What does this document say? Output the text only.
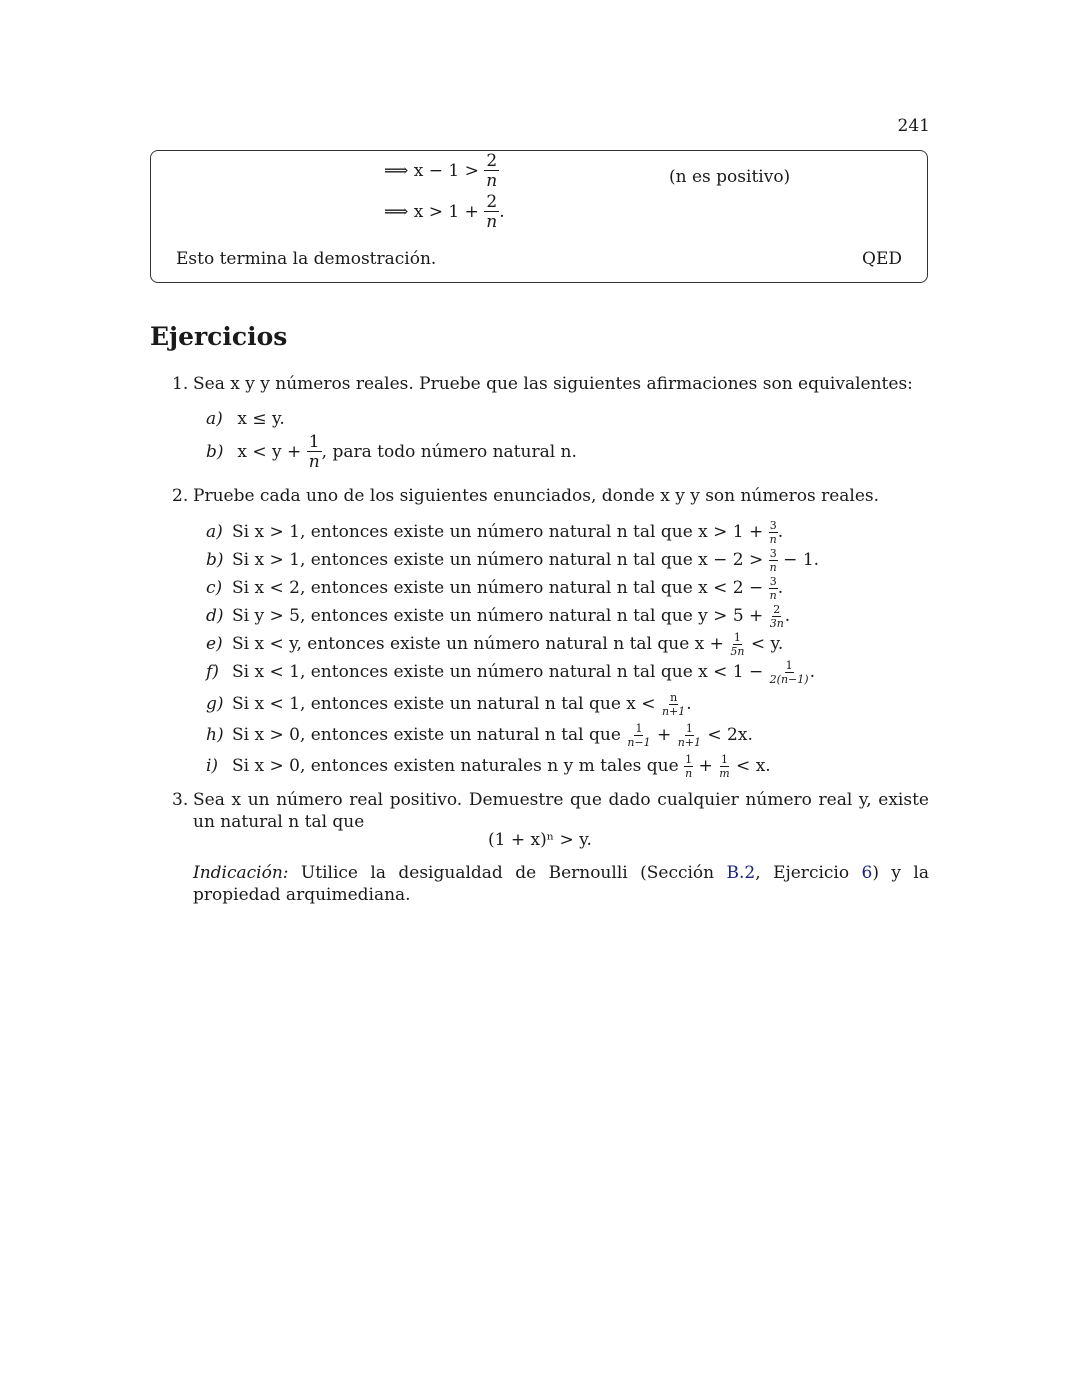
241
⟹ $x - 1 > \frac{2}{n}$	(n es positivo)
⟹ $x > 1 + \frac{2}{n}$ .
Esto termina la demostración.	QED
Ejercicios
1. Sea x y y números reales. Pruebe que las siguientes afirmaciones son equivalentes:
a) x ≤ y.
b) $x < y + \frac{1}{n}$ , para todo número natural n.
2. Pruebe cada uno de los siguientes enunciados, donde x y y son números reales.
a) Si x > 1, entonces existe un número natural n tal que $x > 1 + \frac{3}{n}$ .
b) Si x > 1, entonces existe un número natural n tal que $x - 2 > \frac{3}{n} - 1$.
c) Si x < 2, entonces existe un número natural n tal que $x < 2 - \frac{3}{n}$ .
d) Si y > 5, entonces existe un número natural n tal que $y > 5 + \frac{2}{3n}$ .
e) Si x < y, entonces existe un número natural n tal que $x + \frac{1}{5n} < y$.
f) Si x < 1, entonces existe un número natural n tal que $x < 1 - \frac{1}{2(n-1)}$ .
g) Si x < 1, entonces existe un natural n tal que $x < \frac{n}{n+1}$ .
h) Si x > 0, entonces existe un natural n tal que $\frac{1}{n-1} + \frac{1}{n+1} < 2x$.
i) Si x > 0, entonces existen naturales n y m tales que $\frac{1}{n} + \frac{1}{m} < x$.
3. Sea x un número real positivo. Demuestre que dado cualquier número real y, existe un natural n tal que
(1 + x)ⁿ > y.
Indicación: Utilice la desigualdad de Bernoulli (Sección B.2, Ejercicio 6) y la propiedad arquimediana.
